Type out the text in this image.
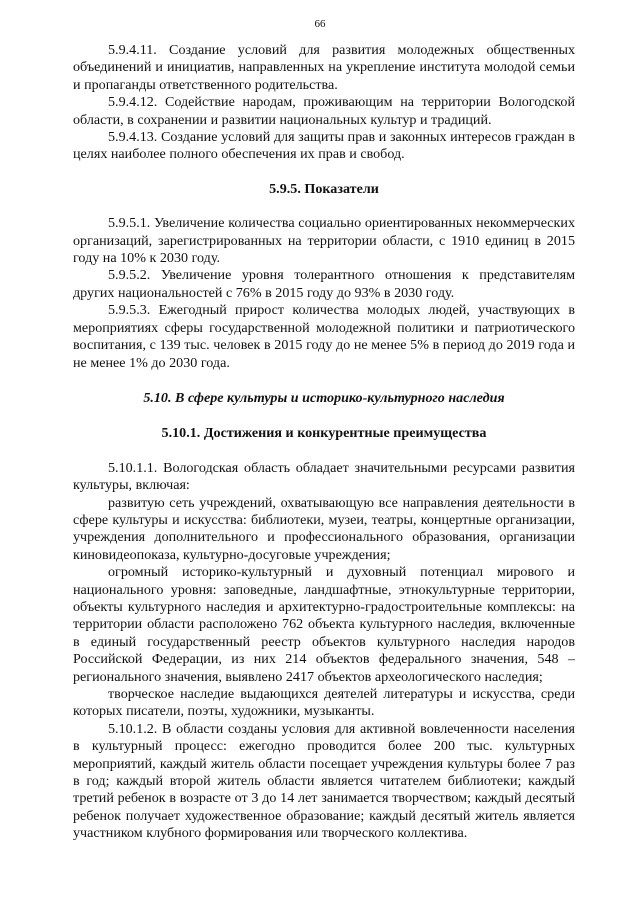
66

5.9.4.11. Создание условий для развития молодежных общественных объединений и инициатив, направленных на укрепление института молодой семьи и пропаганды ответственного родительства.

5.9.4.12. Содействие народам, проживающим на территории Вологодской области, в сохранении и развитии национальных культур и традиций.

5.9.4.13. Создание условий для защиты прав и законных интересов граждан в целях наиболее полного обеспечения их прав и свобод.

5.9.5. Показатели

5.9.5.1. Увеличение количества социально ориентированных некоммерческих организаций, зарегистрированных на территории области, с 1910 единиц в 2015 году на 10% к 2030 году.

5.9.5.2. Увеличение уровня толерантного отношения к представителям других национальностей с 76% в 2015 году до 93% в 2030 году.

5.9.5.3. Ежегодный прирост количества молодых людей, участвующих в мероприятиях сферы государственной молодежной политики и патриотического воспитания, с 139 тыс. человек в 2015 году до не менее 5% в период до 2019 года и не менее 1% до 2030 года.

5.10. В сфере культуры и историко-культурного наследия

5.10.1. Достижения и конкурентные преимущества

5.10.1.1. Вологодская область обладает значительными ресурсами развития культуры, включая:

развитую сеть учреждений, охватывающую все направления деятельности в сфере культуры и искусства: библиотеки, музеи, театры, концертные организации, учреждения дополнительного и профессионального образования, организации киновидеопоказа, культурно-досуговые учреждения;

огромный историко-культурный и духовный потенциал мирового и национального уровня: заповедные, ландшафтные, этнокультурные территории, объекты культурного наследия и архитектурно-градостроительные комплексы: на территории области расположено 762 объекта культурного наследия, включенные в единый государственный реестр объектов культурного наследия народов Российской Федерации, из них 214 объектов федерального значения, 548 – регионального значения, выявлено 2417 объектов археологического наследия;

творческое наследие выдающихся деятелей литературы и искусства, среди которых писатели, поэты, художники, музыканты.

5.10.1.2. В области созданы условия для активной вовлеченности населения в культурный процесс: ежегодно проводится более 200 тыс. культурных мероприятий, каждый житель области посещает учреждения культуры более 7 раз в год; каждый второй житель области является читателем библиотеки; каждый третий ребенок в возрасте от 3 до 14 лет занимается творчеством; каждый десятый ребенок получает художественное образование; каждый десятый житель является участником клубного формирования или творческого коллектива.
